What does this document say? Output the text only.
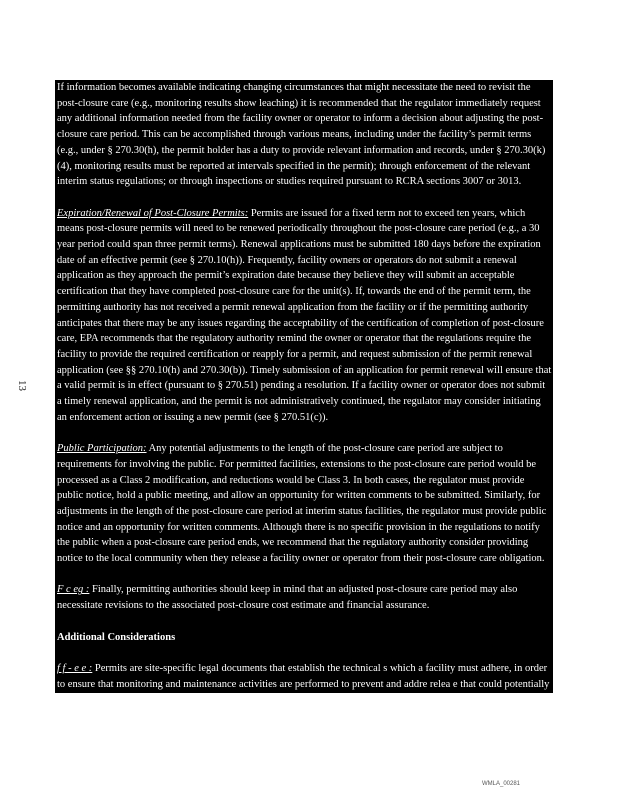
If information becomes available indicating changing circumstances that might necessitate the need to revisit the post-closure care (e.g., monitoring results show leaching) it is recommended that the regulator immediately request any additional information needed from the facility owner or operator to inform a decision about adjusting the post-closure care period. This can be accomplished through various means, including under the facility’s permit terms (e.g., under § 270.30(h), the permit holder has a duty to provide relevant information and records, under § 270.30(k)(4), monitoring results must be reported at intervals specified in the permit); through enforcement of the relevant interim status regulations; or through inspections or studies required pursuant to RCRA sections 3007 or 3013.

Expiration/Renewal of Post-Closure Permits: Permits are issued for a fixed term not to exceed ten years, which means post-closure permits will need to be renewed periodically throughout the post-closure care period (e.g., a 30 year period could span three permit terms). Renewal applications must be submitted 180 days before the expiration date of an effective permit (see § 270.10(h)). Frequently, facility owners or operators do not submit a renewal application as they approach the permit’s expiration date because they believe they will submit an acceptable certification that they have completed post-closure care for the unit(s). If, towards the end of the permit term, the permitting authority has not received a permit renewal application from the facility or if the permitting authority anticipates that there may be any issues regarding the acceptability of the certification of completion of post-closure care, EPA recommends that the regulatory authority remind the owner or operator that the regulations require the facility to provide the required certification or reapply for a permit, and request submission of the permit renewal application (see §§ 270.10(h) and 270.30(b)). Timely submission of an application for permit renewal will ensure that a valid permit is in effect (pursuant to § 270.51) pending a resolution. If a facility owner or operator does not submit a timely renewal application, and the permit is not administratively continued, the regulator may consider initiating an enforcement action or issuing a new permit (see § 270.51(c)).

Public Participation: Any potential adjustments to the length of the post-closure care period are subject to requirements for involving the public. For permitted facilities, extensions to the post-closure care period would be processed as a Class 2 modification, and reductions would be Class 3. In both cases, the regulator must provide public notice, hold a public meeting, and allow an opportunity for written comments to be submitted. Similarly, for adjustments in the length of the post-closure care period at interim status facilities, the regulator must provide public notice and an opportunity for written comments. Although there is no specific provision in the regulations to notify the public when a post-closure care period ends, we recommend that the regulatory authority consider providing notice to the local community when they release a facility owner or operator from their post-closure care obligation.

F c eg : Finally, permitting authorities should keep in mind that an adjusted post-closure care period may also necessitate revisions to the associated post-closure cost estimate and financial assurance.

Additional Considerations

f f - e e : Permits are site-specific legal documents that establish the technical s which a facility must adhere, in order to ensure that monitoring and maintenance activities are performed to prevent and addre relea e that could potentially threaten

13
WMLA_00281
